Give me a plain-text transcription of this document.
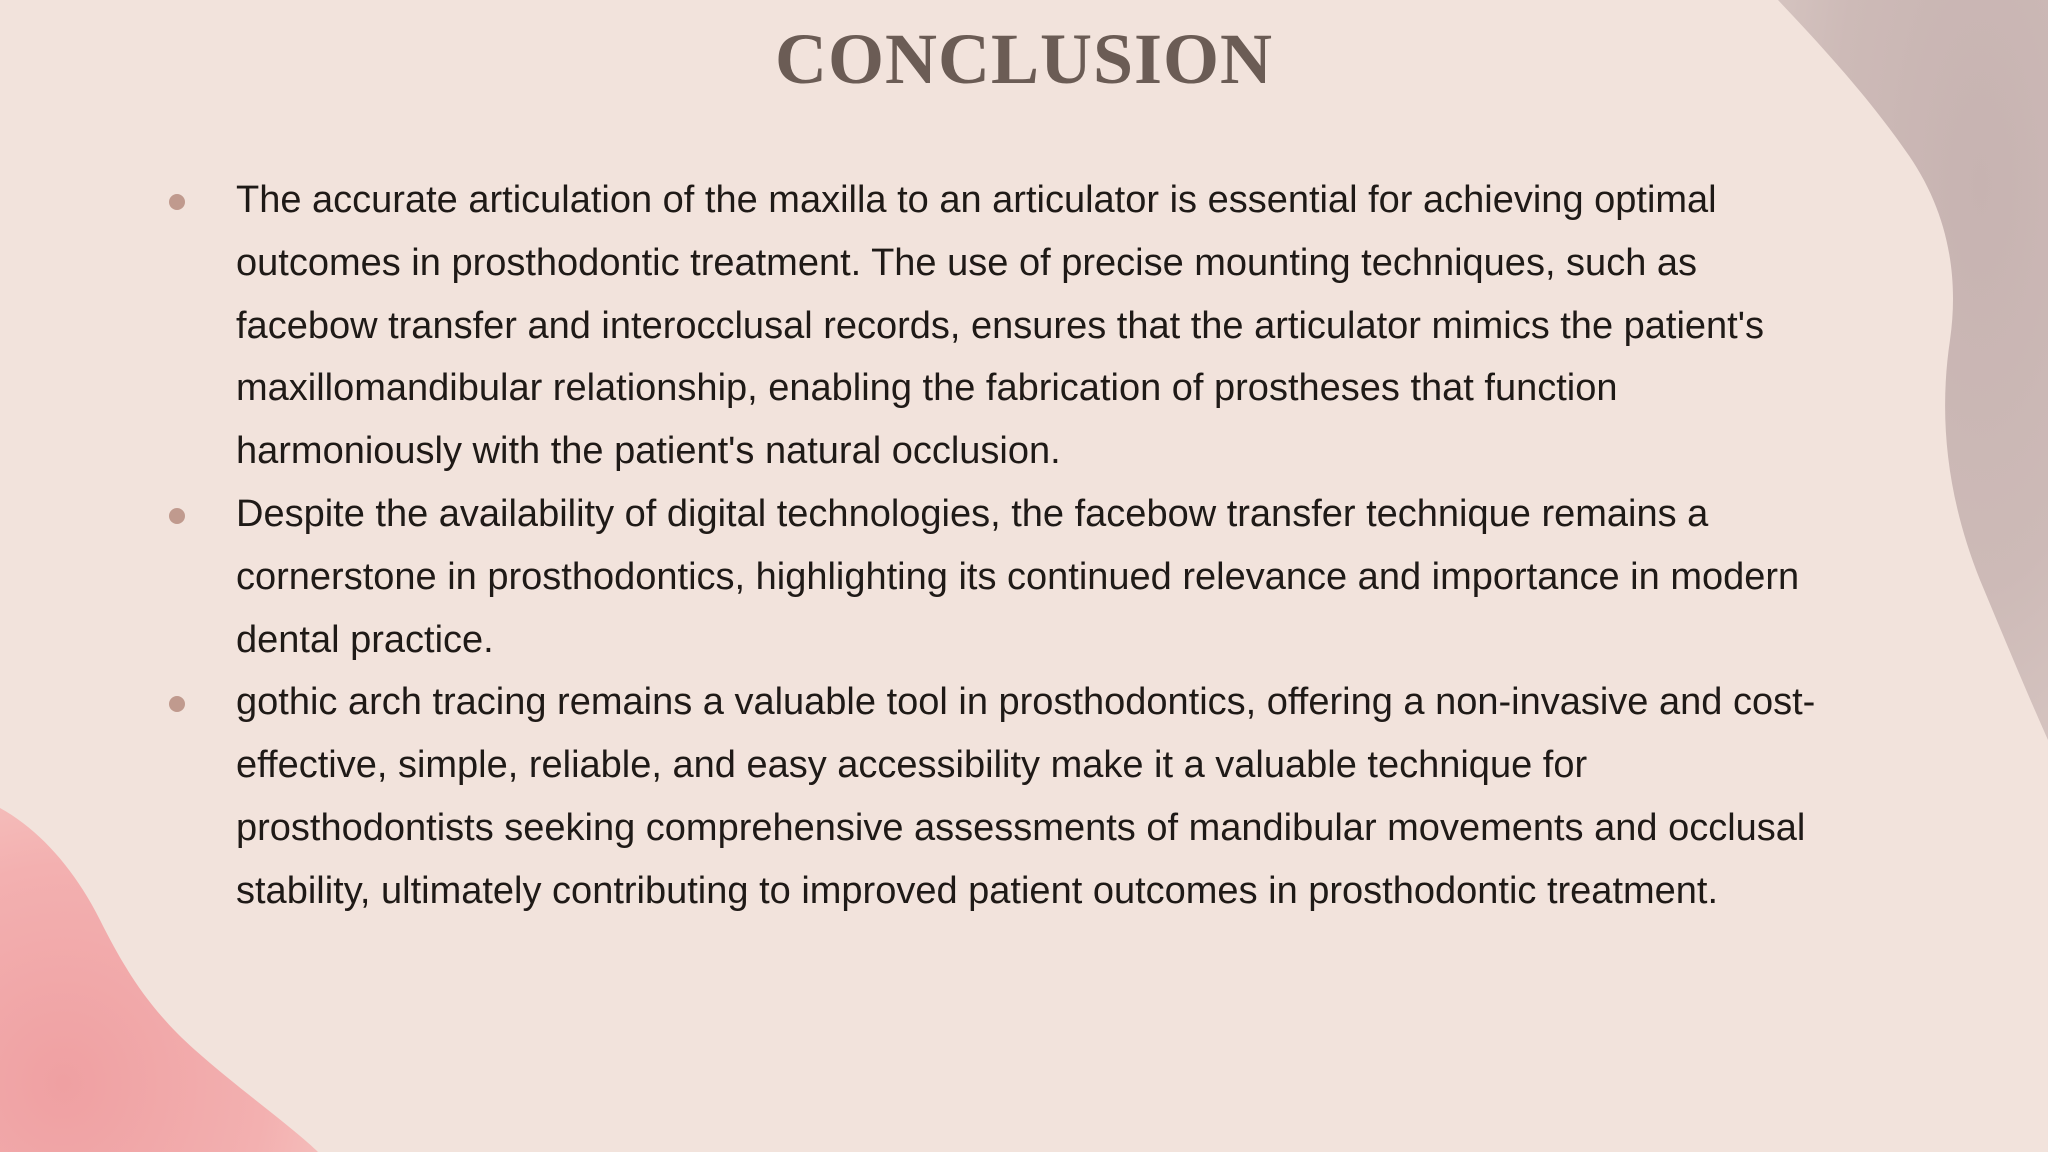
CONCLUSION
The accurate articulation of the maxilla to an articulator is essential for achieving optimal outcomes in prosthodontic treatment. The use of precise mounting techniques, such as facebow transfer and interocclusal records, ensures that the articulator mimics the patient's maxillomandibular relationship, enabling the fabrication of prostheses that function harmoniously with the patient's natural occlusion.
Despite the availability of digital technologies, the facebow transfer technique remains a cornerstone in prosthodontics, highlighting its continued relevance and importance in modern dental practice.
gothic arch tracing remains a valuable tool in prosthodontics, offering a non-invasive and cost-effective, simple, reliable, and easy accessibility make it a valuable technique for prosthodontists seeking comprehensive assessments of mandibular movements and occlusal stability, ultimately contributing to improved patient outcomes in prosthodontic treatment.
